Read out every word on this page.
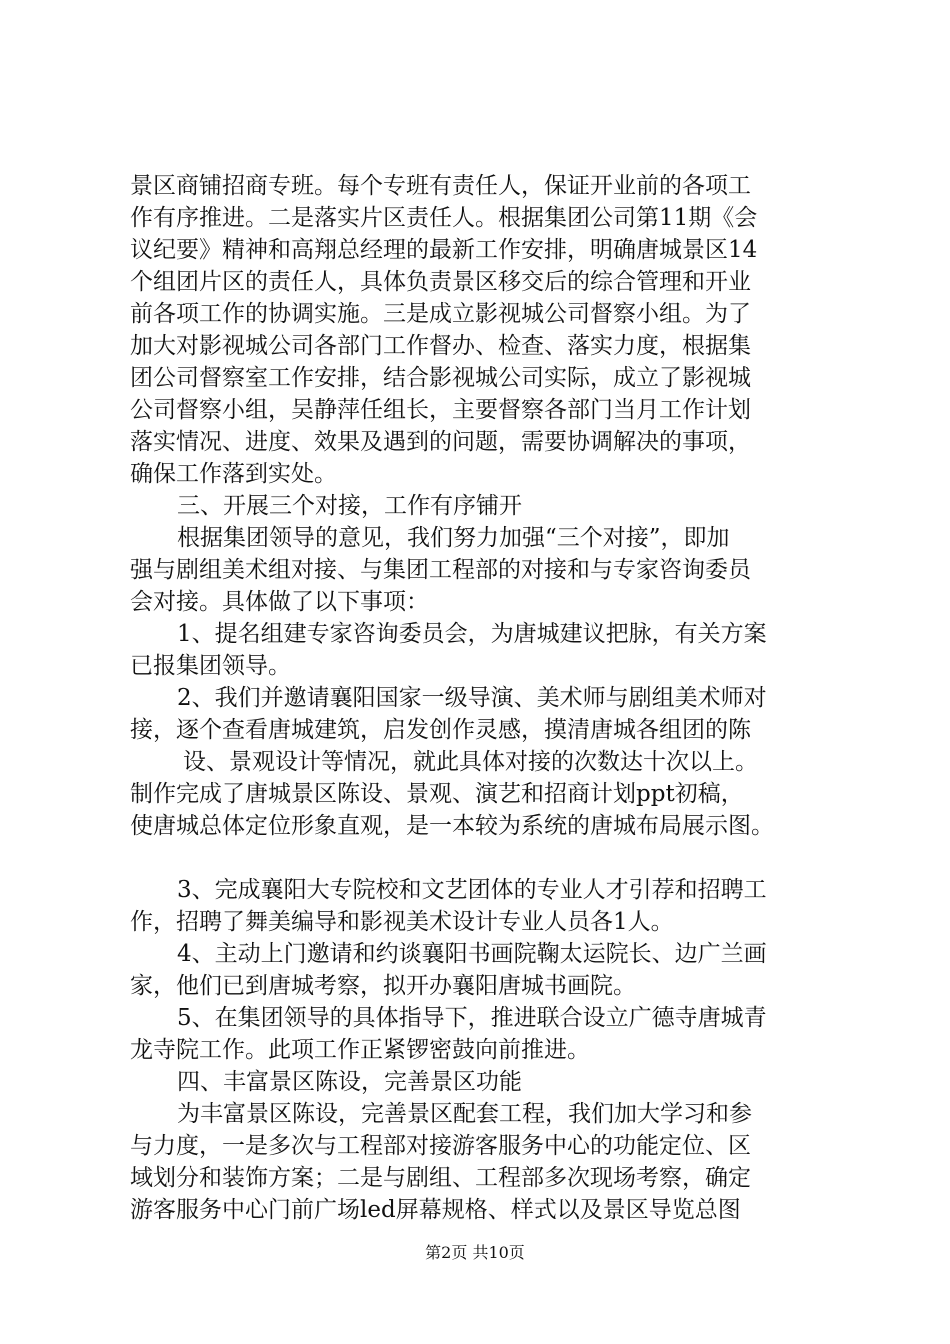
景区商铺招商专班。每个专班有责任人，保证开业前的各项工
作有序推进。二是落实片区责任人。根据集团公司第11期《会
议纪要》精神和高翔总经理的最新工作安排，明确唐城景区14
个组团片区的责任人，具体负责景区移交后的综合管理和开业
前各项工作的协调实施。三是成立影视城公司督察小组。为了
加大对影视城公司各部门工作督办、检查、落实力度，根据集
团公司督察室工作安排，结合影视城公司实际，成立了影视城
公司督察小组，吴静萍任组长，主要督察各部门当月工作计划
落实情况、进度、效果及遇到的问题，需要协调解决的事项，
确保工作落到实处。
三、开展三个对接，工作有序铺开
根据集团领导的意见，我们努力加强“三个对接”，即加
强与剧组美术组对接、与集团工程部的对接和与专家咨询委员
会对接。具体做了以下事项：
1、提名组建专家咨询委员会，为唐城建议把脉，有关方案
已报集团领导。
2、我们并邀请襄阳国家一级导演、美术师与剧组美术师对
接，逐个查看唐城建筑，启发创作灵感，摸清唐城各组团的陈
设、景观设计等情况，就此具体对接的次数达十次以上。
制作完成了唐城景区陈设、景观、演艺和招商计划ppt初稿，
使唐城总体定位形象直观，是一本较为系统的唐城布局展示图。
3、完成襄阳大专院校和文艺团体的专业人才引荐和招聘工
作，招聘了舞美编导和影视美术设计专业人员各1人。
4、主动上门邀请和约谈襄阳书画院鞠太运院长、边广兰画
家，他们已到唐城考察，拟开办襄阳唐城书画院。
5、在集团领导的具体指导下，推进联合设立广德寺唐城青
龙寺院工作。此项工作正紧锣密鼓向前推进。
四、丰富景区陈设，完善景区功能
为丰富景区陈设，完善景区配套工程，我们加大学习和参
与力度，一是多次与工程部对接游客服务中心的功能定位、区
域划分和装饰方案；二是与剧组、工程部多次现场考察，确定
游客服务中心门前广场led屏幕规格、样式以及景区导览总图
第2页 共10页
